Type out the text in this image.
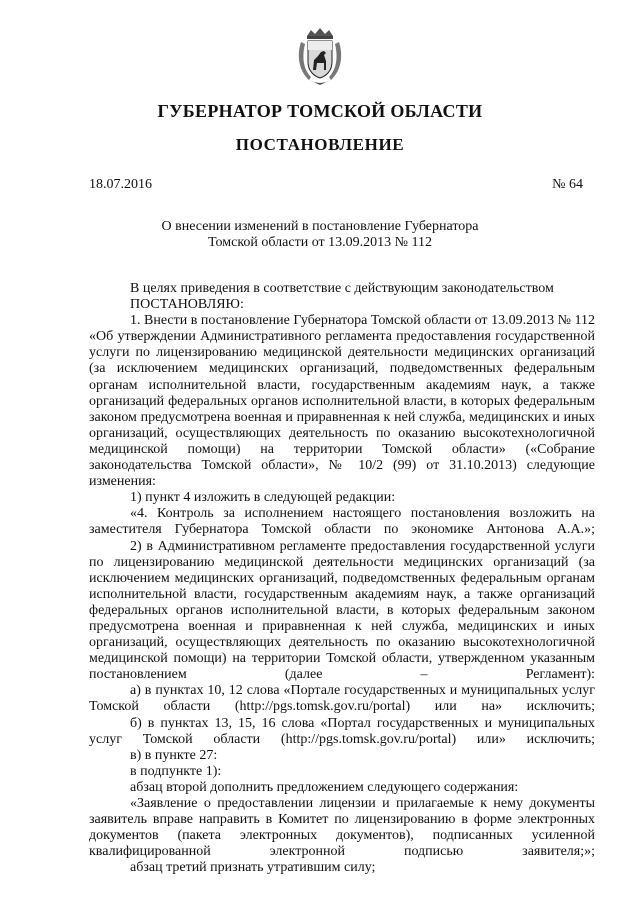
ГУБЕРНАТОР ТОМСКОЙ ОБЛАСТИ
ПОСТАНОВЛЕНИЕ
18.07.2016	№ 64
О внесении изменений в постановление Губернатора
Томской области от 13.09.2013 № 112

В целях приведения в соответствие с действующим законодательством

ПОСТАНОВЛЯЮ:

1. Внести в постановление Губернатора Томской области от 13.09.2013 № 112 «Об утверждении Административного регламента предоставления государственной услуги по лицензированию медицинской деятельности медицинских организаций (за исключением медицинских организаций, подведомственных федеральным органам исполнительной власти, государственным академиям наук, а также организаций федеральных органов исполнительной власти, в которых федеральным законом предусмотрена военная и приравненная к ней служба, медицинских и иных организаций, осуществляющих деятельность по оказанию высокотехнологичной медицинской помощи) на территории Томской области» («Собрание законодательства Томской области», № 10/2 (99) от 31.10.2013) следующие изменения:

1) пункт 4 изложить в следующей редакции:

«4. Контроль за исполнением настоящего постановления возложить на заместителя Губернатора Томской области по экономике Антонова А.А.»;

2) в Административном регламенте предоставления государственной услуги по лицензированию медицинской деятельности медицинских организаций (за исключением медицинских организаций, подведомственных федеральным органам исполнительной власти, государственным академиям наук, а также организаций федеральных органов исполнительной власти, в которых федеральным законом предусмотрена военная и приравненная к ней служба, медицинских и иных организаций, осуществляющих деятельность по оказанию высокотехнологичной медицинской помощи) на территории Томской области, утвержденном указанным постановлением (далее – Регламент):

а) в пунктах 10, 12 слова «Портале государственных и муниципальных услуг Томской области (http://pgs.tomsk.gov.ru/portal) или на» исключить;

б) в пунктах 13, 15, 16 слова «Портал государственных и муниципальных услуг Томской области (http://pgs.tomsk.gov.ru/portal) или» исключить;

в) в пункте 27:

в подпункте 1):

абзац второй дополнить предложением следующего содержания:

«Заявление о предоставлении лицензии и прилагаемые к нему документы заявитель вправе направить в Комитет по лицензированию в форме электронных документов (пакета электронных документов), подписанных усиленной квалифицированной электронной подписью заявителя;»;

абзац третий признать утратившим силу;
